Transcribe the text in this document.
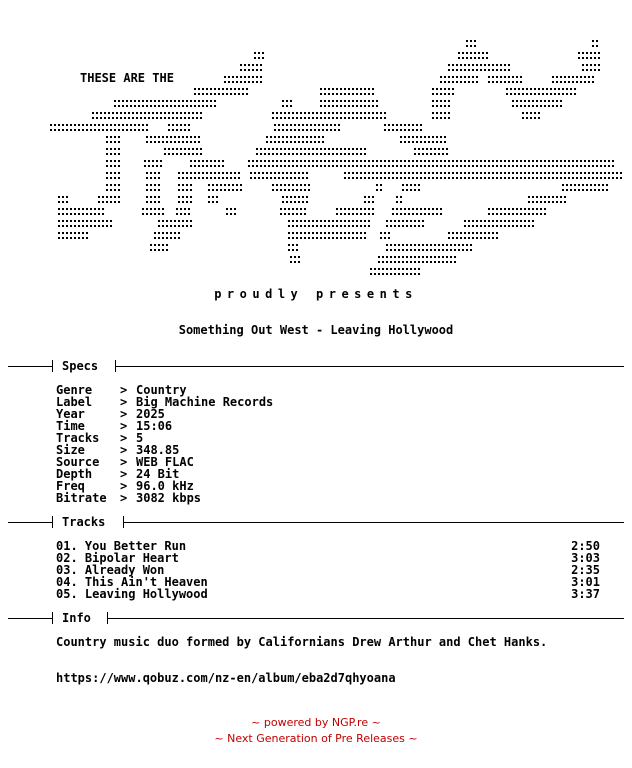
THESE ARE THE
proudly presents
Something Out West - Leaving Hollywood
Specs
Genre	> Country
Label	> Big Machine Records
Year	> 2025
Time	> 15:06
Tracks	> 5
Size	> 348.85
Source	> WEB FLAC
Depth	> 24 Bit
Freq	> 96.0 kHz
Bitrate	> 3082 kbps
Tracks
01. You Better Run	2:50
02. Bipolar Heart	3:03
03. Already Won	2:35
04. This Ain't Heaven	3:01
05. Leaving Hollywood	3:37
Info
Country music duo formed by Californians Drew Arthur and Chet Hanks.
https://www.qobuz.com/nz-en/album/eba2d7qhyoana
~ powered by NGP.re ~
~ Next Generation of Pre Releases ~
